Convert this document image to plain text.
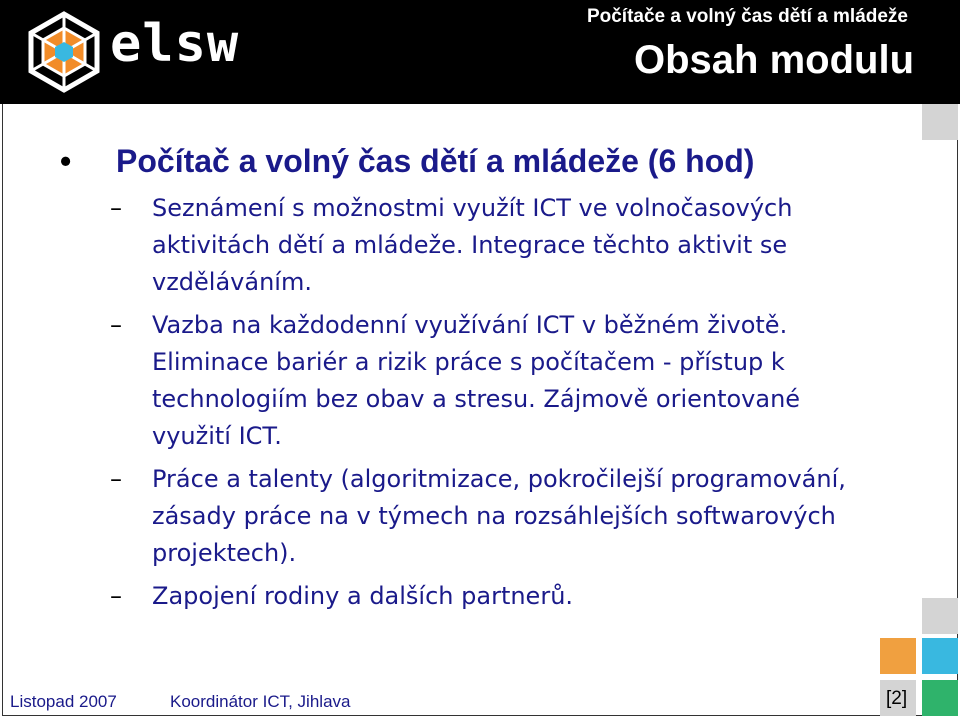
elsw	Počítače a volný čas dětí a mládeže
Obsah modulu
• Počítač a volný čas dětí a mládeže (6 hod)
– Seznámení s možnostmi využít ICT ve volnočasových aktivitách dětí a mládeže. Integrace těchto aktivit se vzděláváním.
– Vazba na každodenní využívání ICT v běžném životě. Eliminace bariér a rizik práce s počítačem - přístup k technologiím bez obav a stresu. Zájmově orientované využití ICT.
– Práce a talenty (algoritmizace, pokročilejší programování, zásady práce na v týmech na rozsáhlejších softwarových projektech).
– Zapojení rodiny a dalších partnerů.
Listopad 2007	Koordinátor ICT, Jihlava	[2]
